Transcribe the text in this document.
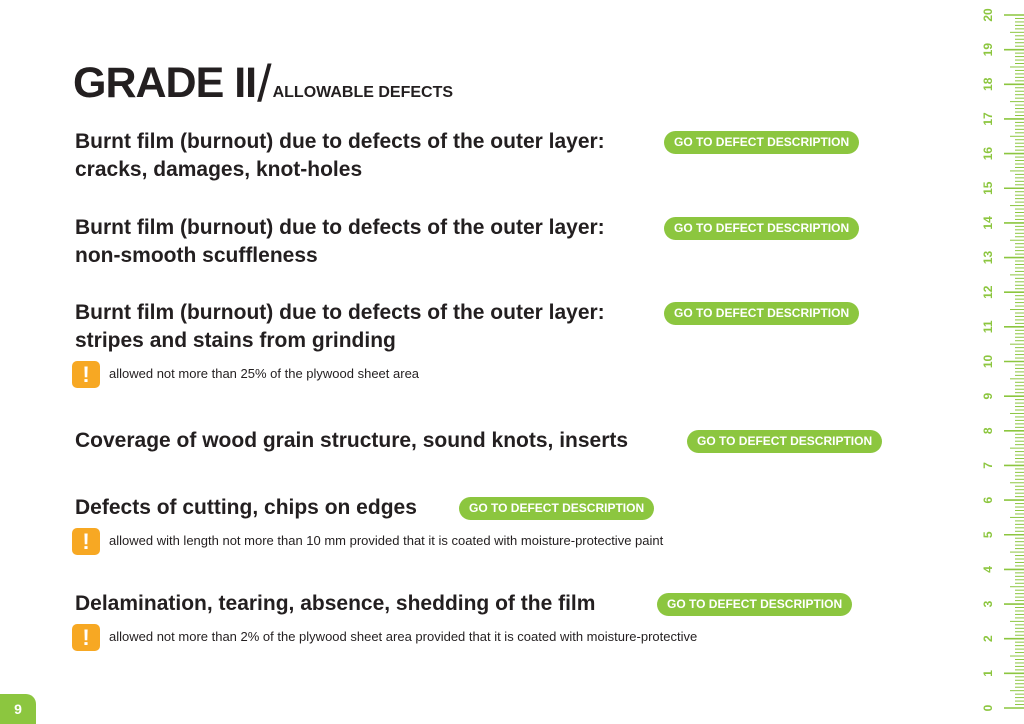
GRADE II/ALLOWABLE DEFECTS
Burnt film (burnout) due to defects of the outer layer:
cracks, damages, knot-holes
GO TO DEFECT DESCRIPTION
Burnt film (burnout) due to defects of the outer layer:
non-smooth scuffleness
GO TO DEFECT DESCRIPTION
Burnt film (burnout) due to defects of the outer layer:
stripes and stains from grinding
GO TO DEFECT DESCRIPTION
!	allowed not more than 25% of the plywood sheet area
Coverage of wood grain structure, sound knots, inserts	GO TO DEFECT DESCRIPTION
Defects of cutting, chips on edges	GO TO DEFECT DESCRIPTION
!	allowed with length not more than 10 mm provided that it is coated with moisture-protective paint
Delamination, tearing, absence, shedding of the film	GO TO DEFECT DESCRIPTION
!	allowed not more than 2% of the plywood sheet area provided that it is coated with moisture-protective
9	0
1
2
3
4
5
6
7
8
9
10
11
12
13
14
15
16
17
18
19
20
